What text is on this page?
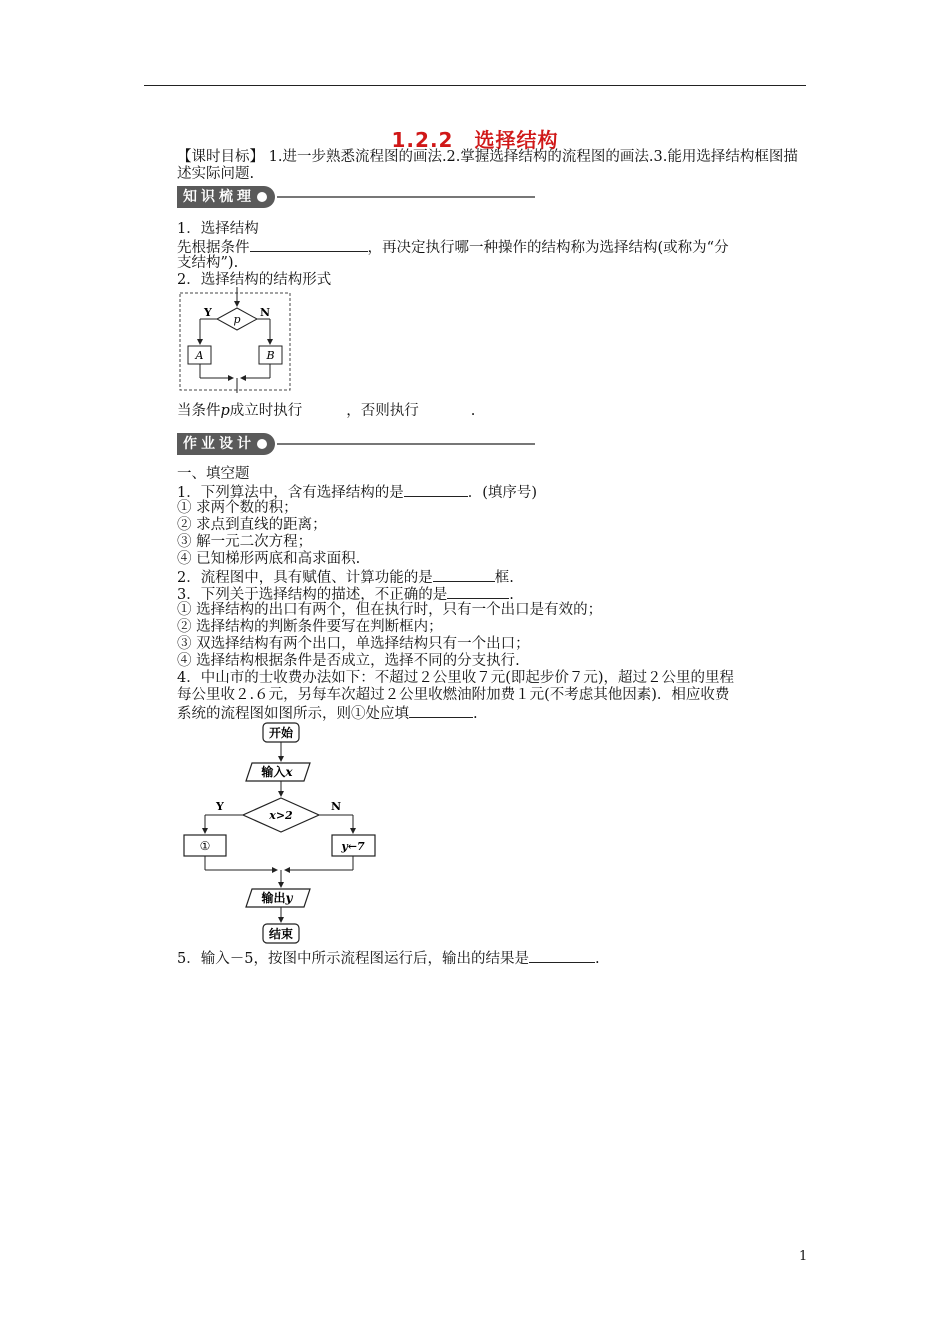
1.2.2　选择结构
【课时目标】 1.进一步熟悉流程图的画法.2.掌握选择结构的流程图的画法.3.能用选择结构框图描述实际问题.
知识梳理
1．选择结构
先根据条件	，再决定执行哪一种操作的结构称为选择结构(或称为“分
支结构”).
2．选择结构的结构形式
p
Y	N
A	B
当条件p成立时执行	，否则执行	.
作业设计
一、填空题
1．下列算法中，含有选择结构的是	．(填序号)
① 求两个数的积；
② 求点到直线的距离；
③ 解一元二次方程；
④ 已知梯形两底和高求面积.
2．流程图中，具有赋值、计算功能的是	框.
3．下列关于选择结构的描述，不正确的是	.
① 选择结构的出口有两个，但在执行时，只有一个出口是有效的；
② 选择结构的判断条件要写在判断框内；
③ 双选择结构有两个出口，单选择结构只有一个出口；
④ 选择结构根据条件是否成立，选择不同的分支执行.
4．中山市的士收费办法如下：不超过２公里收７元(即起步价７元)，超过２公里的里程
每公里收２.６元，另每车次超过２公里收燃油附加费１元(不考虑其他因素)．相应收费
系统的流程图如图所示，则①处应填	.
开始
输入x
x>2
Y	N
①	y←7
输出y
结束
5．输入－5，按图中所示流程图运行后，输出的结果是	.
1
